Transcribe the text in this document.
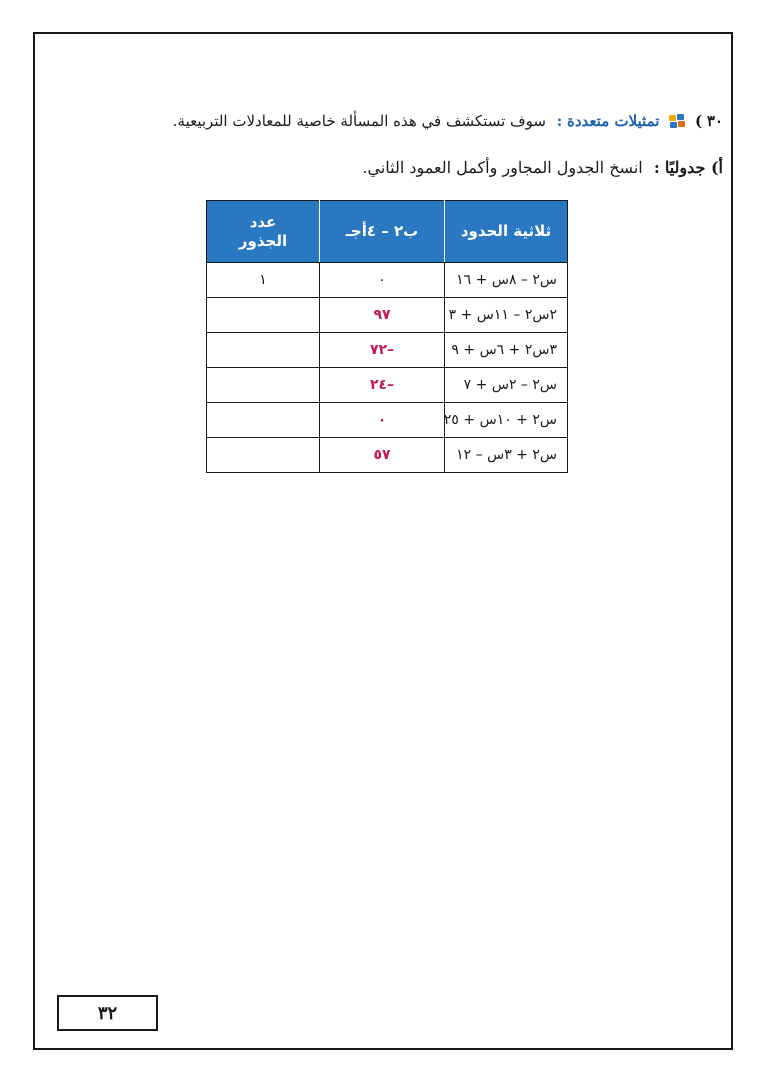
٣٠ )  تمثيلات متعددة : سوف تستكشف في هذه المسألة خاصية للمعادلات التربيعية.
أ) جدوليًا : انسخ الجدول المجاور وأكمل العمود الثاني.
ثلاثية الحدود	ب٢ – ٤أجـ	عدد
الجذور

س٢ – ٨س + ١٦	٠	١
٢س٢ – ١١س + ٣	٩٧	
٣س٢ + ٦س + ٩	–٧٢	
س٢ – ٢س + ٧	–٢٤	
س٢ + ١٠س + ٢٥	٠	
س٢ + ٣س – ١٢	٥٧	
٣٢
